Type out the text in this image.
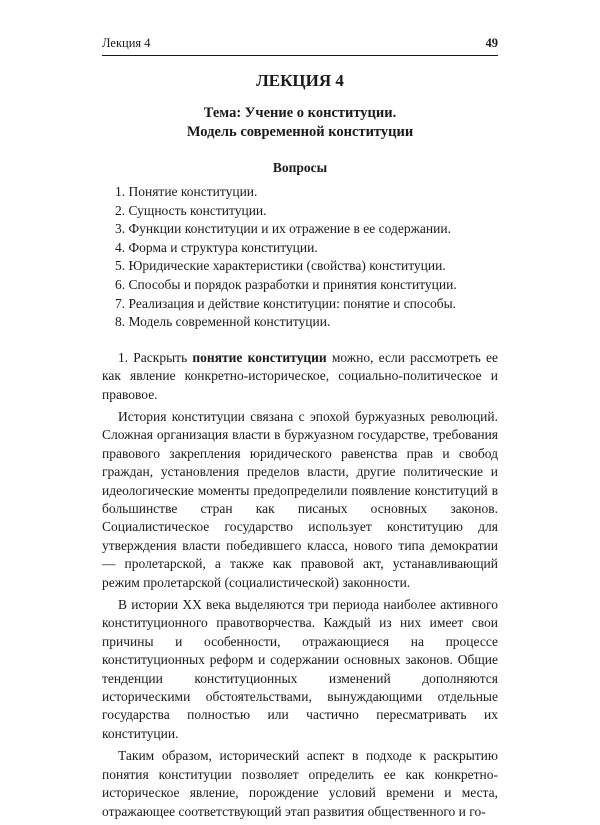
Лекция 4	49
ЛЕКЦИЯ 4
Тема: Учение о конституции.
Модель современной конституции
Вопросы
1. Понятие конституции.
2. Сущность конституции.
3. Функции конституции и их отражение в ее содержании.
4. Форма и структура конституции.
5. Юридические характеристики (свойства) конституции.
6. Способы и порядок разработки и принятия конституции.
7. Реализация и действие конституции: понятие и способы.
8. Модель современной конституции.

1. Раскрыть понятие конституции можно, если рассмотреть ее как явление конкретно-историческое, социально-политическое и правовое.

История конституции связана с эпохой буржуазных революций. Сложная организация власти в буржуазном государстве, требования правового закрепления юридического равенства прав и свобод граждан, установления пределов власти, другие политические и идеологические моменты предопределили появление конституций в большинстве стран как писаных основных законов. Социалистическое государство использует конституцию для утверждения власти победившего класса, нового типа демократии — пролетарской, а также как правовой акт, устанавливающий режим пролетарской (социалистической) законности.

В истории XX века выделяются три периода наиболее активного конституционного правотворчества. Каждый из них имеет свои причины и особенности, отражающиеся на процессе конституционных реформ и содержании основных законов. Общие тенденции конституционных изменений дополняются историческими обстоятельствами, вынуждающими отдельные государства полностью или частично пересматривать их конституции.

Таким образом, исторический аспект в подходе к раскрытию понятия конституции позволяет определить ее как конкретно-историческое явление, порождение условий времени и места, отражающее соответствующий этап развития общественного и го-
